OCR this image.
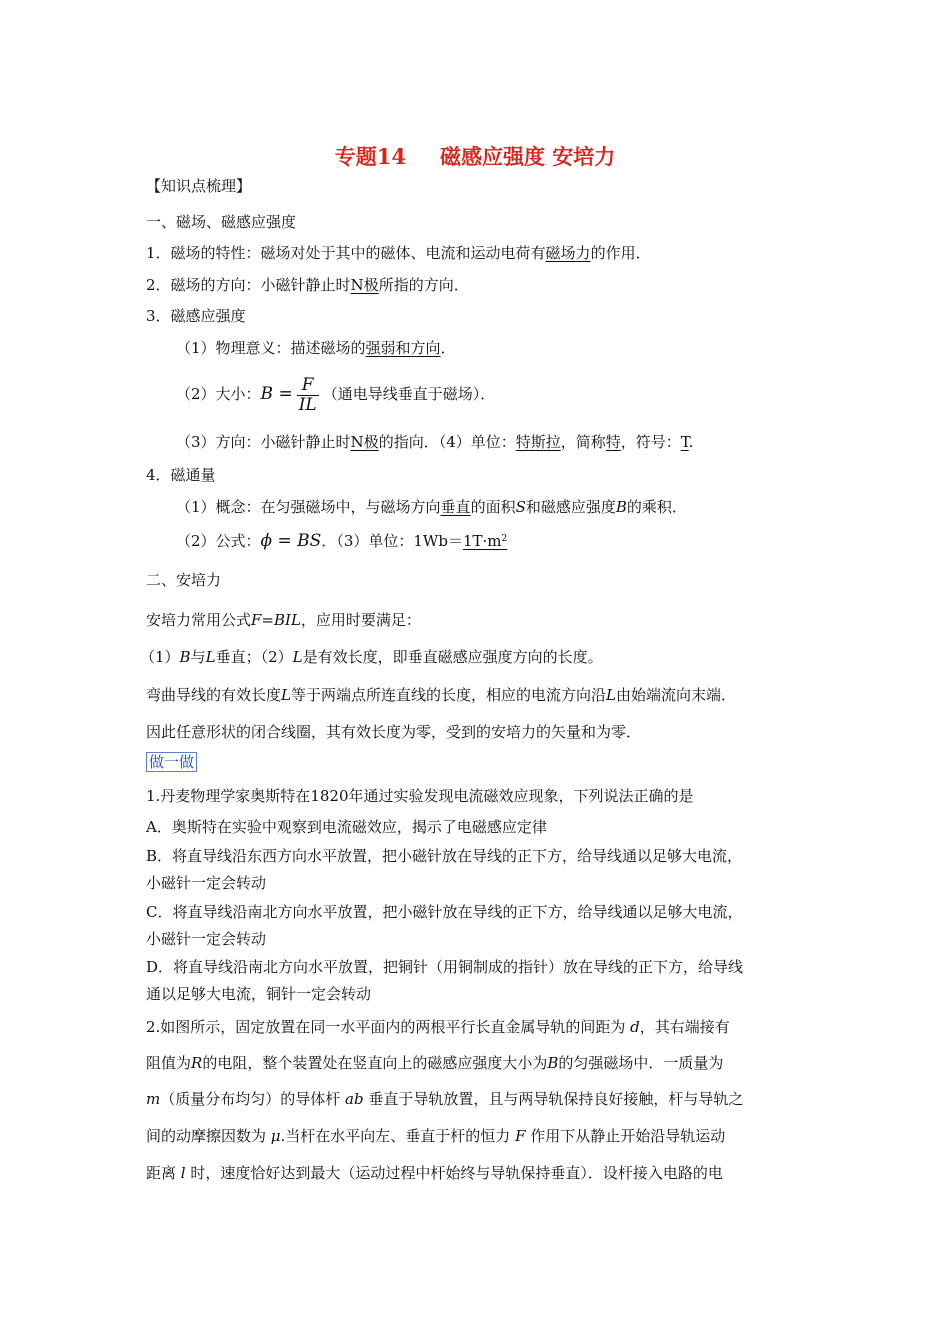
专题14 磁感应强度 安培力
【知识点梳理】
一、磁场、磁感应强度
1．磁场的特性：磁场对处于其中的磁体、电流和运动电荷有磁场力的作用．
2．磁场的方向：小磁针静止时N极所指的方向．
3．磁感应强度
（1）物理意义：描述磁场的强弱和方向．
（2）大小：$B = \frac{F}{IL}$ （通电导线垂直于磁场）．
（3）方向：小磁针静止时N极的指向．（4）单位：特斯拉，简称特，符号：T.
4．磁通量
（1）概念：在匀强磁场中，与磁场方向垂直的面积S和磁感应强度B的乘积．
（2）公式：ϕ = BS．（3）单位：$1Wb=1T\cdot m^2$
二、安培力
安培力常用公式F=BIL，应用时要满足：
（1）B与L垂直；（2）L是有效长度，即垂直磁感应强度方向的长度。
弯曲导线的有效长度L等于两端点所连直线的长度，相应的电流方向沿L由始端流向末端．
因此任意形状的闭合线圈，其有效长度为零，受到的安培力的矢量和为零．
做一做
1.丹麦物理学家奥斯特在1820年通过实验发现电流磁效应现象，下列说法正确的是
A．奥斯特在实验中观察到电流磁效应，揭示了电磁感应定律
B．将直导线沿东西方向水平放置，把小磁针放在导线的正下方，给导线通以足够大电流，
小磁针一定会转动
C．将直导线沿南北方向水平放置，把小磁针放在导线的正下方，给导线通以足够大电流，
小磁针一定会转动
D．将直导线沿南北方向水平放置，把铜针（用铜制成的指针）放在导线的正下方，给导线
通以足够大电流，铜针一定会转动
2.如图所示，固定放置在同一水平面内的两根平行长直金属导轨的间距为 d，其右端接有
阻值为R的电阻，整个装置处在竖直向上的磁感应强度大小为B的匀强磁场中．一质量为
m（质量分布均匀）的导体杆 ab 垂直于导轨放置，且与两导轨保持良好接触，杆与导轨之
间的动摩擦因数为 μ.当杆在水平向左、垂直于杆的恒力 F 作用下从静止开始沿导轨运动
距离 l 时，速度恰好达到最大（运动过程中杆始终与导轨保持垂直）．设杆接入电路的电
